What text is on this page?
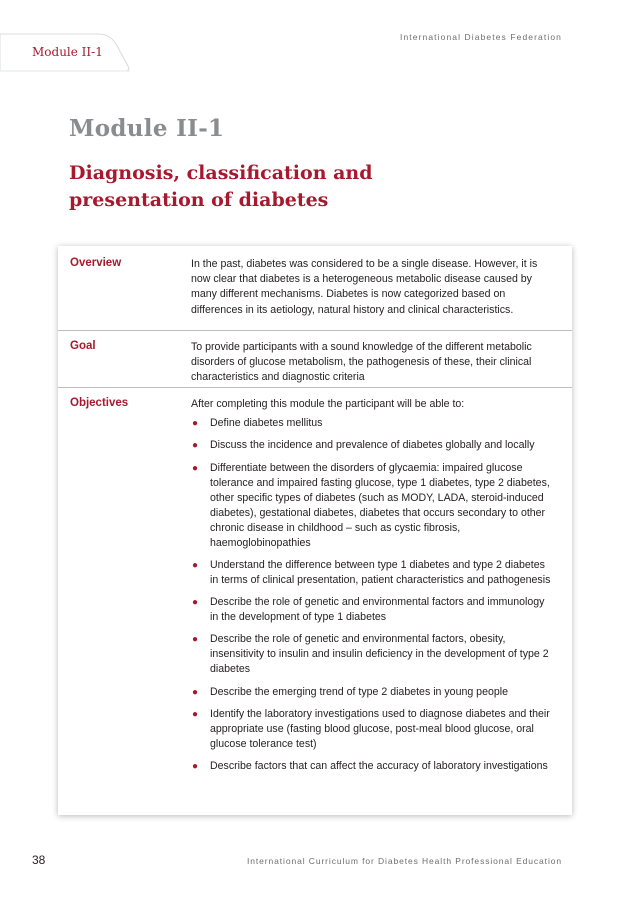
International Diabetes Federation
Module II-1
Module II-1
Diagnosis, classification and presentation of diabetes
Overview	In the past, diabetes was considered to be a single disease. However, it is now clear that diabetes is a heterogeneous metabolic disease caused by many different mechanisms. Diabetes is now categorized based on differences in its aetiology, natural history and clinical characteristics.
Goal	To provide participants with a sound knowledge of the different metabolic disorders of glucose metabolism, the pathogenesis of these, their clinical characteristics and diagnostic criteria
Objectives	After completing this module the participant will be able to:
● Define diabetes mellitus
● Discuss the incidence and prevalence of diabetes globally and locally
● Differentiate between the disorders of glycaemia: impaired glucose tolerance and impaired fasting glucose, type 1 diabetes, type 2 diabetes, other specific types of diabetes (such as MODY, LADA, steroid-induced diabetes), gestational diabetes, diabetes that occurs secondary to other chronic disease in childhood – such as cystic fibrosis, haemoglobinopathies
● Understand the difference between type 1 diabetes and type 2 diabetes in terms of clinical presentation, patient characteristics and pathogenesis
● Describe the role of genetic and environmental factors and immunology in the development of type 1 diabetes
● Describe the role of genetic and environmental factors, obesity, insensitivity to insulin and insulin deficiency in the development of type 2 diabetes
● Describe the emerging trend of type 2 diabetes in young people
● Identify the laboratory investigations used to diagnose diabetes and their appropriate use (fasting blood glucose, post-meal blood glucose, oral glucose tolerance test)
● Describe factors that can affect the accuracy of laboratory investigations
38	International Curriculum for Diabetes Health Professional Education
